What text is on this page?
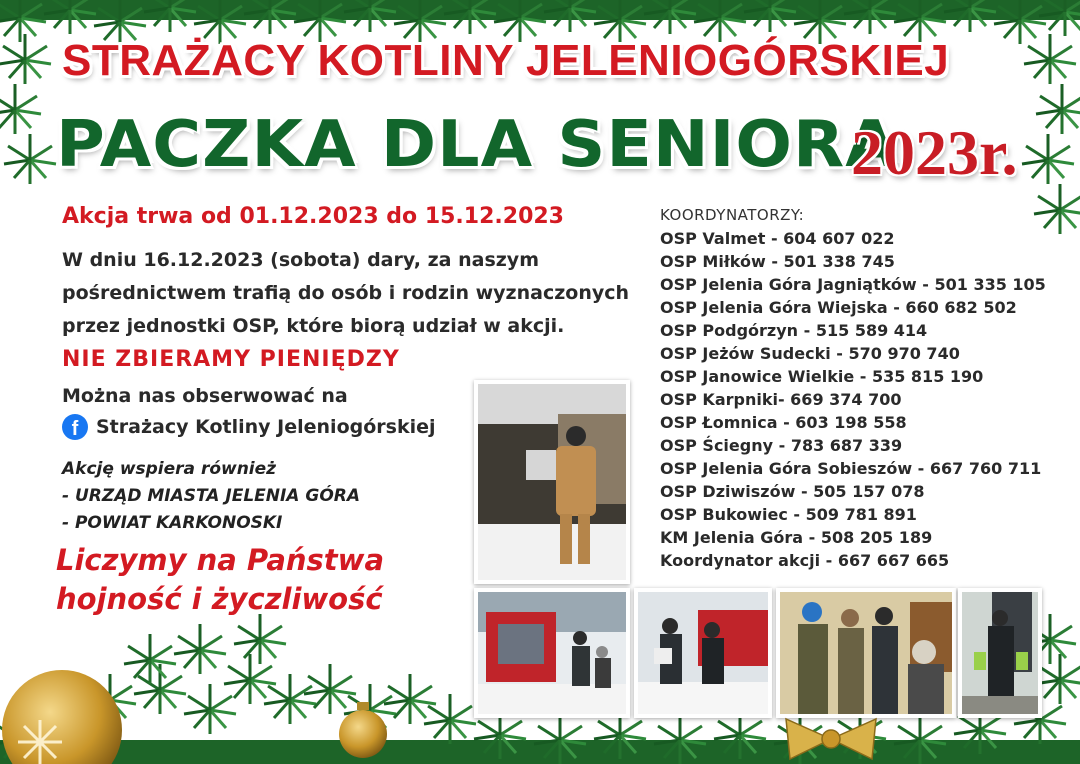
STRAŻACY KOTLINY JELENIOGÓRSKIEJ
PACZKA DLA SENIORA
2023r.
Akcja trwa od 01.12.2023 do 15.12.2023
W dniu 16.12.2023 (sobota) dary, za naszym
pośrednictwem trafią do osób i rodzin wyznaczonych
przez jednostki OSP, które biorą udział w akcji.
NIE ZBIERAMY PIENIĘDZY
Można nas obserwować na
f Strażacy Kotliny Jeleniogórskiej
Akcję wspiera również
- URZĄD MIASTA JELENIA GÓRA
- POWIAT KARKONOSKI
Liczymy na Państwa
hojność i życzliwość
KOORDYNATORZY:
OSP Valmet - 604 607 022
OSP Miłków - 501 338 745
OSP Jelenia Góra Jagniątków - 501 335 105
OSP Jelenia Góra Wiejska - 660 682 502
OSP Podgórzyn - 515 589 414
OSP Jeżów Sudecki - 570 970 740
OSP Janowice Wielkie - 535 815 190
OSP Karpniki- 669 374 700
OSP Łomnica - 603 198 558
OSP Ściegny - 783 687 339
OSP Jelenia Góra Sobieszów - 667 760 711
OSP Dziwiszów - 505 157 078
OSP Bukowiec - 509 781 891
KM Jelenia Góra - 508 205 189
Koordynator akcji - 667 667 665
